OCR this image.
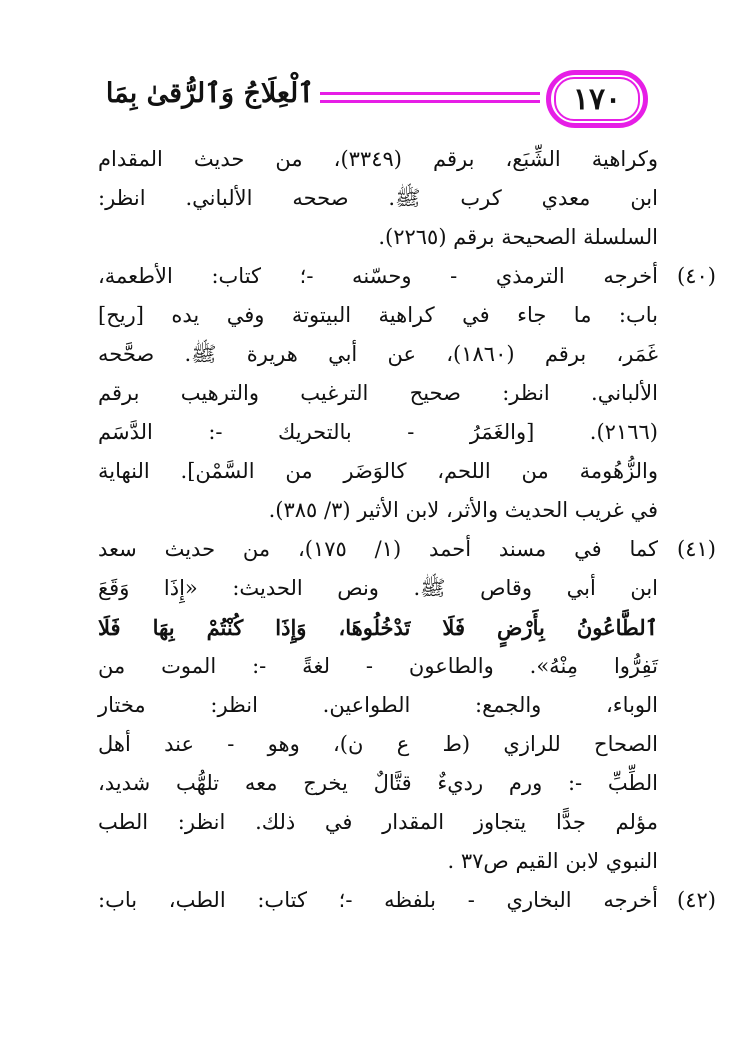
١٧٠
ٱلْعِلَاجُ وَٱلرُّقىٰ بِمَا
وكراهية الشِّبَع، برقم (٣٣٤٩)، من حديث المقدام
ابن معدي كرب ﷺ. صححه الألباني. انظر:
السلسلة الصحيحة برقم (٢٢٦٥).
(٤٠)
أخرجه الترمذي - وحسّنه -؛ كتاب: الأطعمة،
باب: ما جاء في كراهية البيتوتة وفي يده [ريح]
غَمَر، برقم (١٨٦٠)، عن أبي هريرة ﷺ. صحَّحه
الألباني. انظر: صحيح الترغيب والترهيب برقم
(٢١٦٦). [والغَمَرُ - بالتحريك -: الدَّسَم
والزُّهُومة من اللحم، كالوَضَر من السَّمْن]. النهاية
في غريب الحديث والأثر، لابن الأثير (٣/ ٣٨٥).
(٤١)
كما في مسند أحمد (١/ ١٧٥)، من حديث سعد
ابن أبي وقاص ﷺ. ونص الحديث: «إِذَا وَقَعَ
ٱلطَّاعُونُ بِأَرْضٍ فَلَا تَدْخُلُوهَا، وَإِذَا كُنْتُمْ بِهَا فَلَا
تَفِرُّوا مِنْهُ». والطاعون - لغةً -: الموت من
الوباء، والجمع: الطواعين. انظر: مختار
الصحاح للرازي (ط ع ن)، وهو - عند أهل
الطِّبِّ -: ورم رديءٌ قتَّالٌ يخرج معه تلهُّب شديد،
مؤلم جدًّا يتجاوز المقدار في ذلك. انظر: الطب
النبوي لابن القيم ص٣٧ .
(٤٢)
أخرجه البخاري - بلفظه -؛ كتاب: الطب، باب:
